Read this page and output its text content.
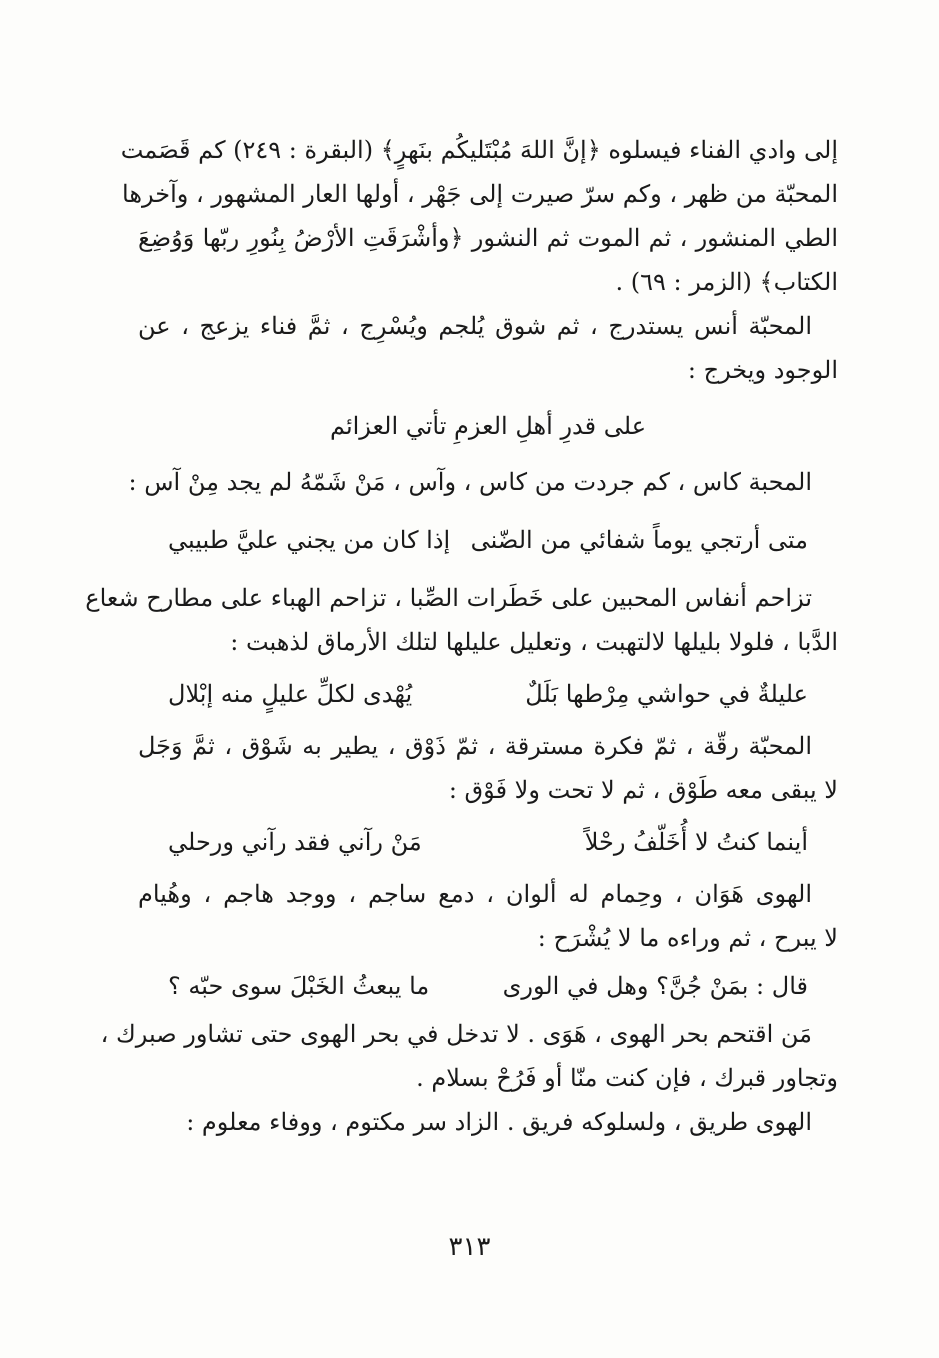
إلى وادي الفناء فيسلوه ﴿إنَّ اللهَ مُبْتَليكُم بنَهرٍ﴾ (البقرة : ٢٤٩) كم قَصَمت
المحبّة من ظهر ، وكم سرّ صيرت إلى جَهْر ، أولها العار المشهور ، وآخرها
الطي المنشور ، ثم الموت ثم النشور ﴿وأشْرَقَتِ الأرْضُ بِنُورِ ربّها وَوُضِعَ
الكتاب﴾ (الزمر : ٦٩) .
المحبّة أنس يستدرج ، ثم شوق يُلجم ويُسْرِج ، ثمَّ فناء يزعج ، عن
الوجود ويخرج :
على قدرِ أهلِ العزمِ تأتي العزائم
المحبة كاس ، كم جردت من كاس ، وآس ، مَنْ شَمّهُ لم يجد مِنْ آس :
متى أرتجي يوماً شفائي من الضّنى
إذا كان من يجني عليَّ طبيبي
تزاحم أنفاس المحبين على خَطَرات الصِّبا ، تزاحم الهباء على مطارح شعاع
الدَّبا ، فلولا بليلها لالتهبت ، وتعليل عليلها لتلك الأرماق لذهبت :
عليلةٌ في حواشي مِرْطها بَلَلٌ
يُهْدى لكلِّ عليلٍ منه إبْلال
المحبّة رقّة ، ثمّ فكرة مسترقة ، ثمّ ذَوْق ، يطير به شَوْق ، ثمَّ وَجَل
لا يبقى معه طَوْق ، ثم لا تحت ولا فَوْق :
أينما كنتُ لا أُخَلّفُ رحْلاً
مَنْ رآني فقد رآني ورحلي
الهوى هَوَان ، وحِمام له ألوان ، دمع ساجم ، ووجد هاجم ، وهُيام
لا يبرح ، ثم وراءه ما لا يُشْرَح :
قال : بمَنْ جُنَّ؟ وهل في الورى
ما يبعثُ الخَبْلَ سوى حبّه ؟
مَن اقتحم بحر الهوى ، هَوَى . لا تدخل في بحر الهوى حتى تشاور صبرك ،
وتجاور قبرك ، فإن كنت منّا أو فَرُحْ بسلام .
الهوى طريق ، ولسلوكه فريق . الزاد سر مكتوم ، ووفاء معلوم :
٣١٣
